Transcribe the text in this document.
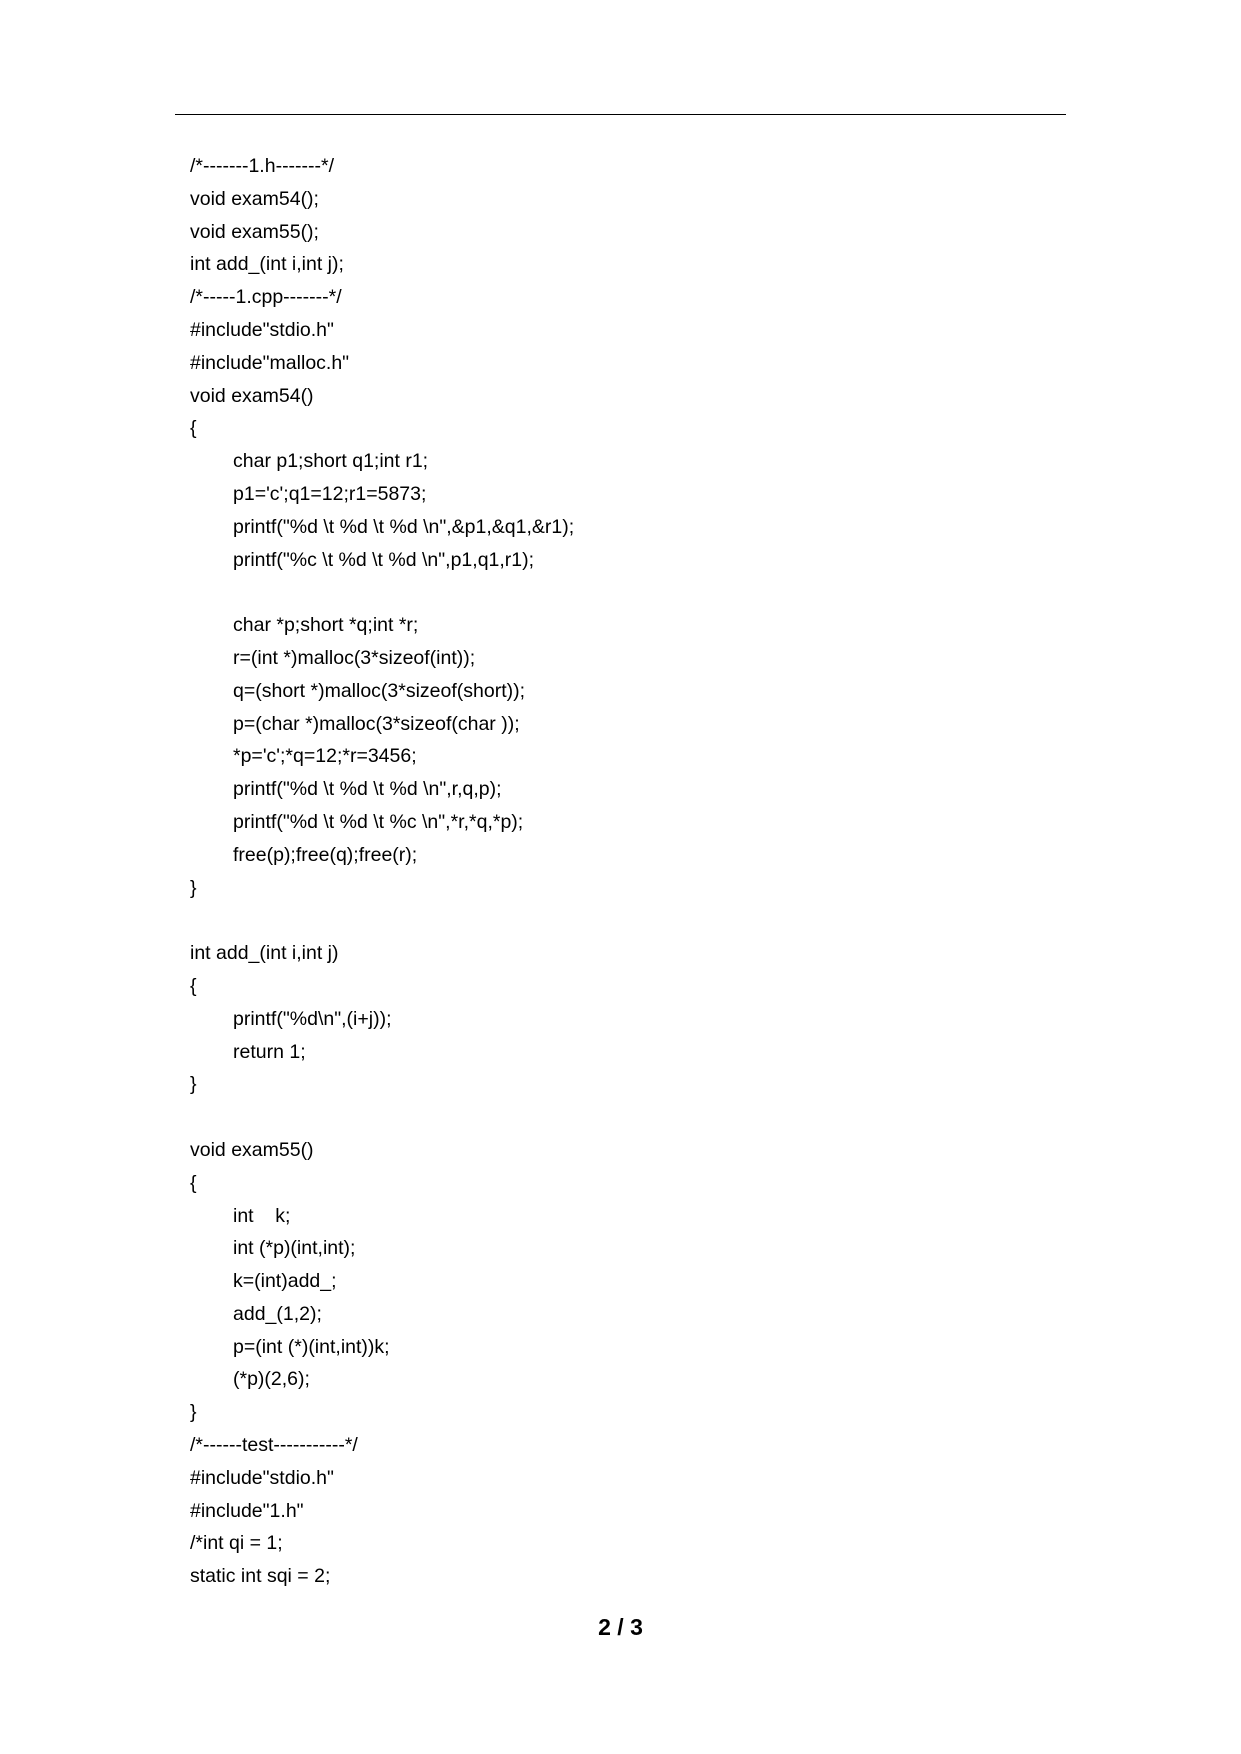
/*-------1.h-------*/
void exam54();
void exam55();
int add_(int i,int j);
/*-----1.cpp-------*/
#include"stdio.h"
#include"malloc.h"
void exam54()
{
char p1;short q1;int r1;
p1='c';q1=12;r1=5873;
printf("%d \t %d \t %d \n",&p1,&q1,&r1);
printf("%c \t %d \t %d \n",p1,q1,r1);
char *p;short *q;int *r;
r=(int *)malloc(3*sizeof(int));
q=(short *)malloc(3*sizeof(short));
p=(char *)malloc(3*sizeof(char ));
*p='c';*q=12;*r=3456;
printf("%d \t %d \t %d \n",r,q,p);
printf("%d \t %d \t %c \n",*r,*q,*p);
free(p);free(q);free(r);
}
int add_(int i,int j)
{
printf("%d\n",(i+j));
return 1;
}
void exam55()
{
int    k;
int (*p)(int,int);
k=(int)add_;
add_(1,2);
p=(int (*)(int,int))k;
(*p)(2,6);
}
/*------test-----------*/
#include"stdio.h"
#include"1.h"
/*int qi = 1;
static int sqi = 2;
2 / 3
